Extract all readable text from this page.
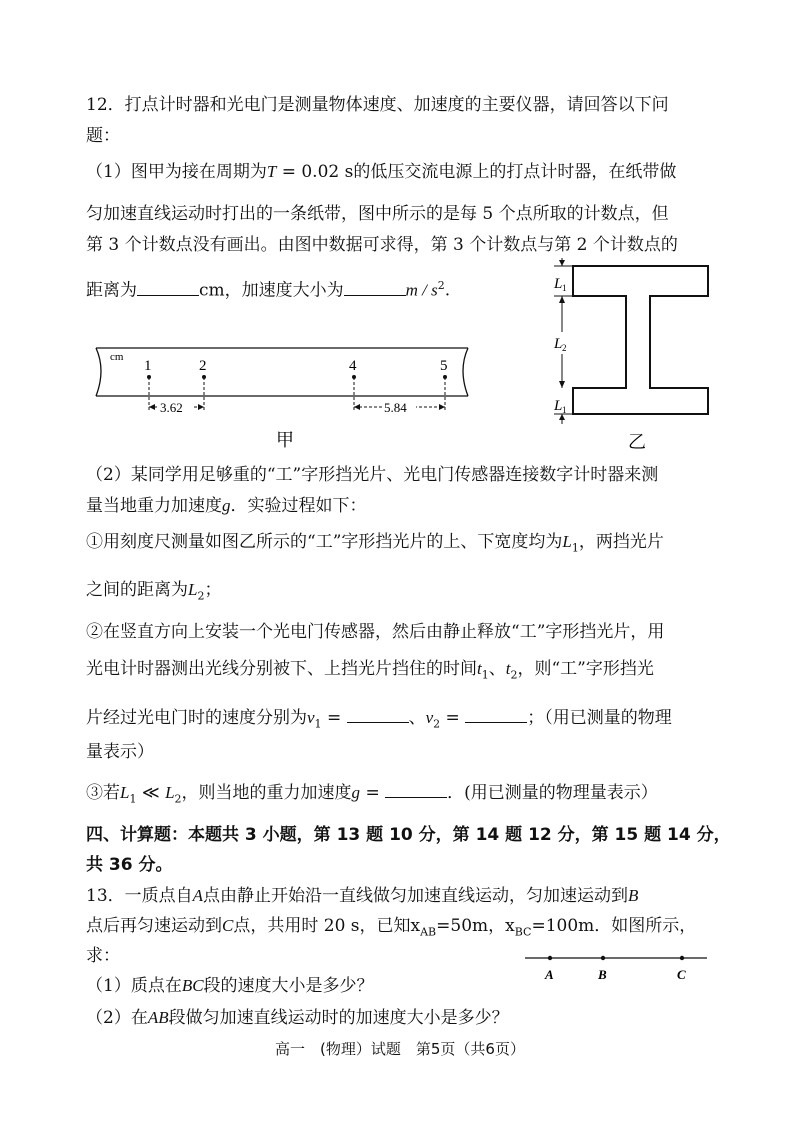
12．打点计时器和光电门是测量物体速度、加速度的主要仪器，请回答以下问
题：
（1）图甲为接在周期为T = 0.02 s的低压交流电源上的打点计时器，在纸带做
匀加速直线运动时打出的一条纸带，图中所示的是每 5 个点所取的计数点，但
第 3 个计数点没有画出。由图中数据可求得，第 3 个计数点与第 2 个计数点的
距离为	cm，加速度大小为	m / $s^2$.
cm
1	2	4	5
3.62	5.84
甲
L 1
L 2
L 1
乙
（2）某同学用足够重的“工”字形挡光片、光电门传感器连接数字计时器来测
量当地重力加速度g．实验过程如下：
①用刻度尺测量如图乙所示的“工”字形挡光片的上、下宽度均为$L_1$，两挡光片
之间的距离为$L_2$；
②在竖直方向上安装一个光电门传感器，然后由静止释放“工”字形挡光片，用
光电计时器测出光线分别被下、上挡光片挡住的时间$t_1$、$t_2$，则“工”字形挡光
片经过光电门时的速度分别为$v_1$ =	、$v_2$ =	；（用已测量的物理
量表示）
③若$L_1$ ≪ $L_2$，则当地的重力加速度g =	．(用已测量的物理量表示）
四、计算题：本题共 3 小题，第 13 题 10 分，第 14 题 12 分，第 15 题 14 分，
共 36 分。
13．一质点自A点由静止开始沿一直线做匀加速直线运动，匀加速运动到B
点后再匀速运动到C点，共用时 20 s，已知$x_{AB}=50m$，$x_{BC}=100m$．如图所示，
求：
A	B	C
（1）质点在BC段的速度大小是多少？
（2）在AB段做匀加速直线运动时的加速度大小是多少？
高一　(物理）试题　第5页（共6页）
